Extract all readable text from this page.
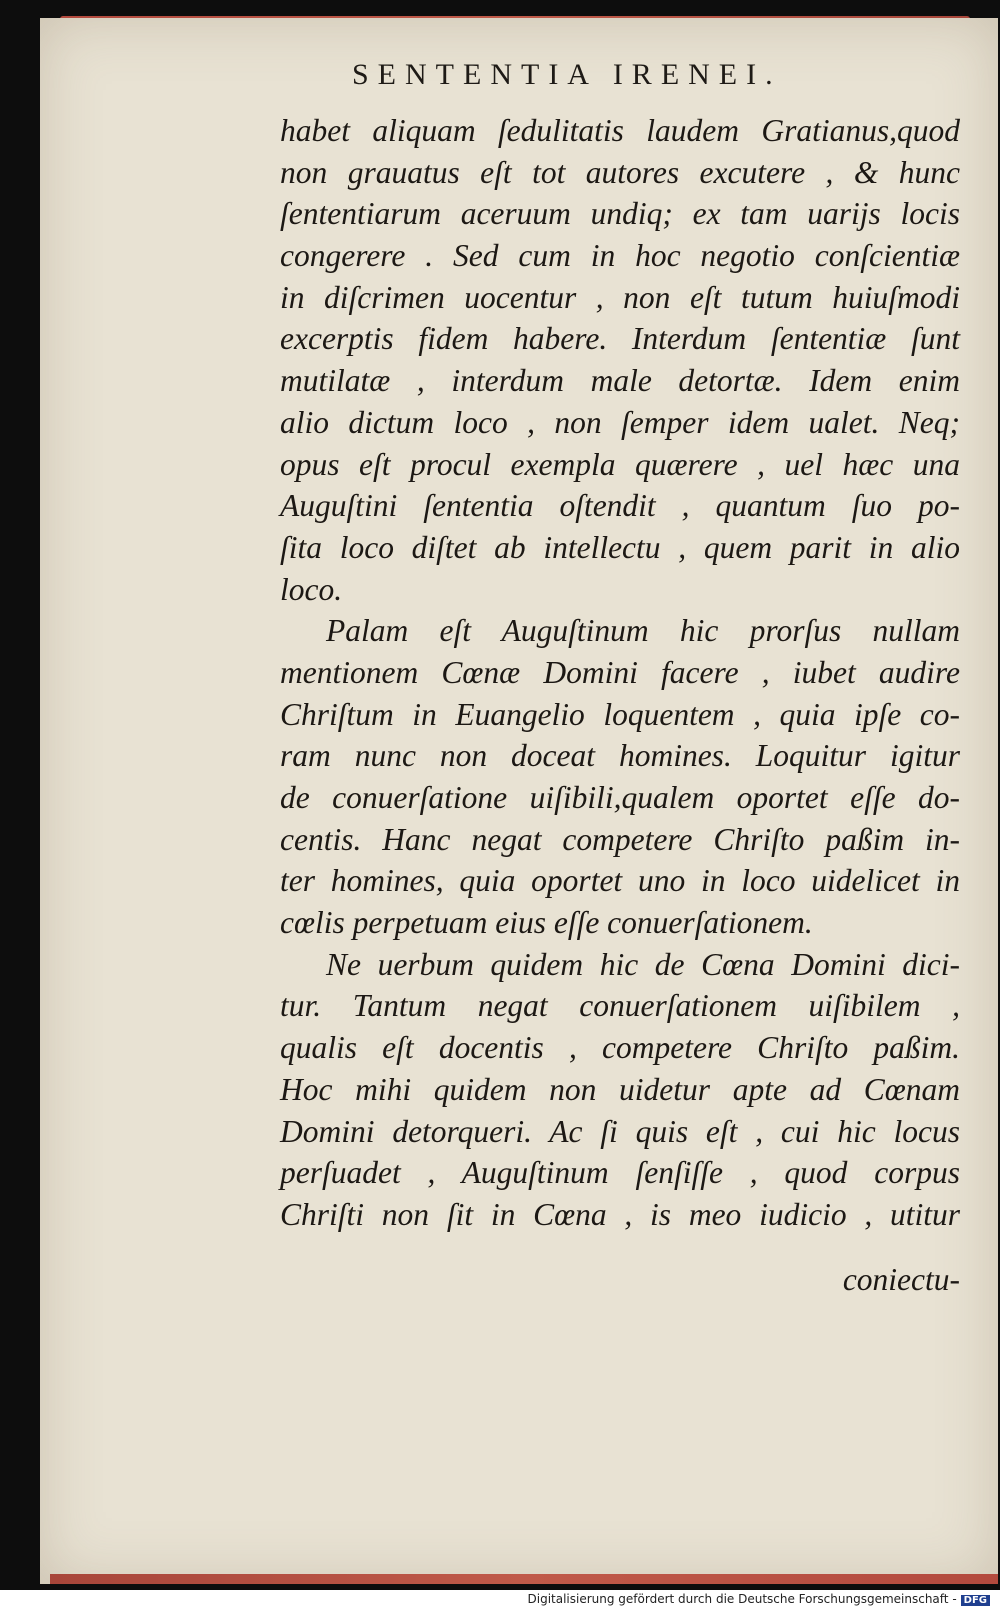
SENTENTIA IRENEI.
habet aliquam ſedulitatis laudem Gratianus,quod
non grauatus eſt tot autores excutere , & hunc
ſententiarum aceruum undiq; ex tam uarijs locis
congerere . Sed cum in hoc negotio conſcientiæ
in diſcrimen uocentur , non eſt tutum huiuſmodi
excerptis fidem habere. Interdum ſententiæ ſunt
mutilatæ , interdum male detortæ. Idem enim
alio dictum loco , non ſemper idem ualet. Neq;
opus eſt procul exempla quærere , uel hæc una
Auguſtini ſententia oſtendit , quantum ſuo po-
ſita loco diſtet ab intellectu , quem parit in alio
loco.
Palam eſt Auguſtinum hic prorſus nullam
mentionem Cœnæ Domini facere , iubet audire
Chriſtum in Euangelio loquentem , quia ipſe co-
ram nunc non doceat homines. Loquitur igitur
de conuerſatione uiſibili,qualem oportet eſſe do-
centis. Hanc negat competere Chriſto paßim in-
ter homines, quia oportet uno in loco uidelicet in
cœlis perpetuam eius eſſe conuerſationem.
Ne uerbum quidem hic de Cœna Domini dici-
tur. Tantum negat conuerſationem uiſibilem ,
qualis eſt docentis , competere Chriſto paßim.
Hoc mihi quidem non uidetur apte ad Cœnam
Domini detorqueri. Ac ſi quis eſt , cui hic locus
perſuadet , Auguſtinum ſenſiſſe , quod corpus
Chriſti non ſit in Cœna , is meo iudicio , utitur
coniectu-
Digitalisierung gefördert durch die Deutsche Forschungsgemeinschaft - DFG
